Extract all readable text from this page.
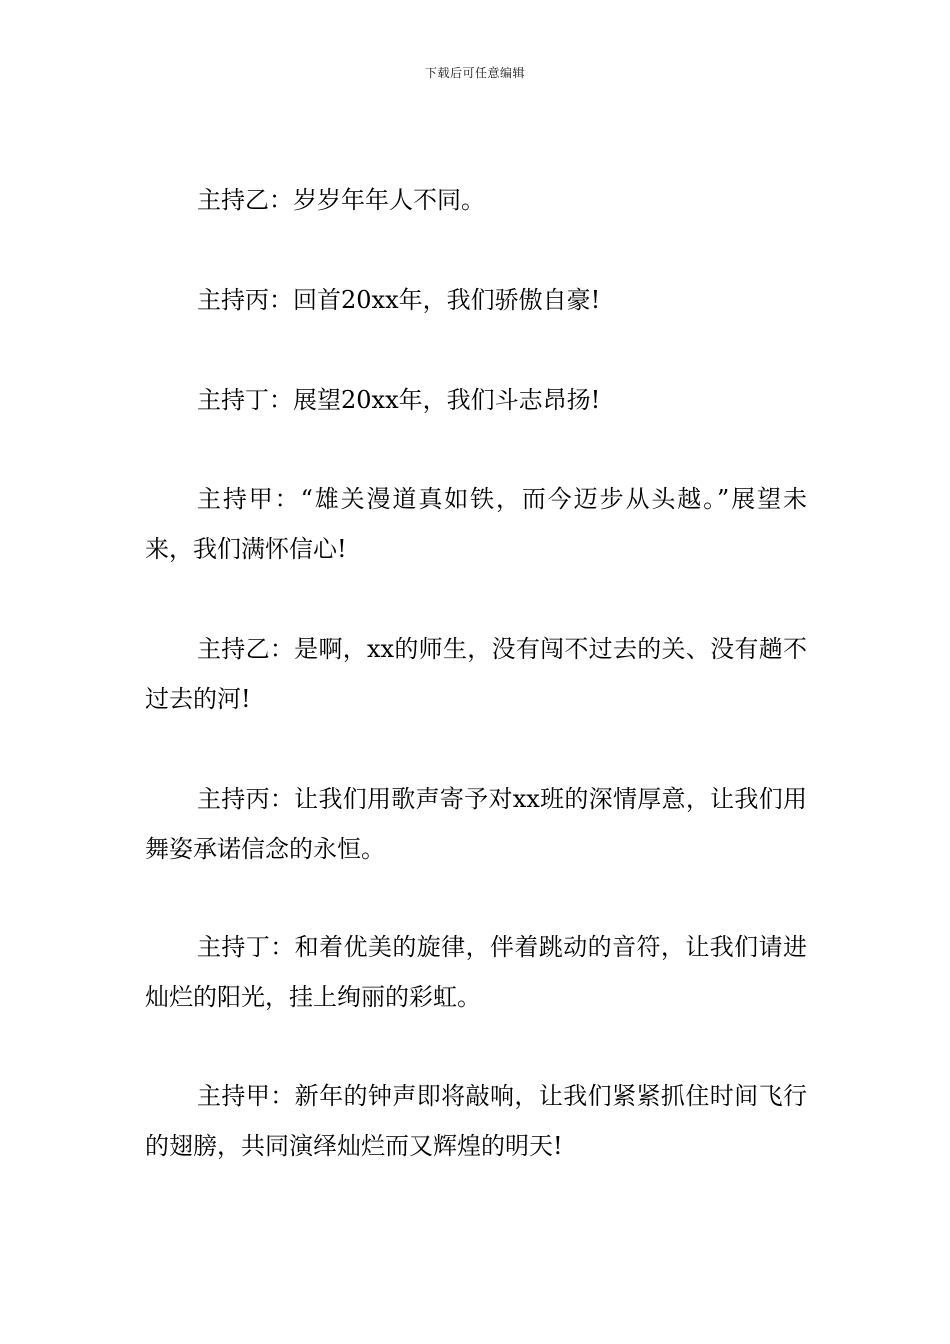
下载后可任意编辑

主持乙：岁岁年年人不同。

主持丙：回首20xx年，我们骄傲自豪!

主持丁：展望20xx年，我们斗志昂扬!

主持甲：“雄关漫道真如铁，而今迈步从头越。”展望未来，我们满怀信心!

主持乙：是啊，xx的师生，没有闯不过去的关、没有趟不过去的河!

主持丙：让我们用歌声寄予对xx班的深情厚意，让我们用舞姿承诺信念的永恒。

主持丁：和着优美的旋律，伴着跳动的音符，让我们请进灿烂的阳光，挂上绚丽的彩虹。

主持甲：新年的钟声即将敲响，让我们紧紧抓住时间飞行的翅膀，共同演绎灿烂而又辉煌的明天!
